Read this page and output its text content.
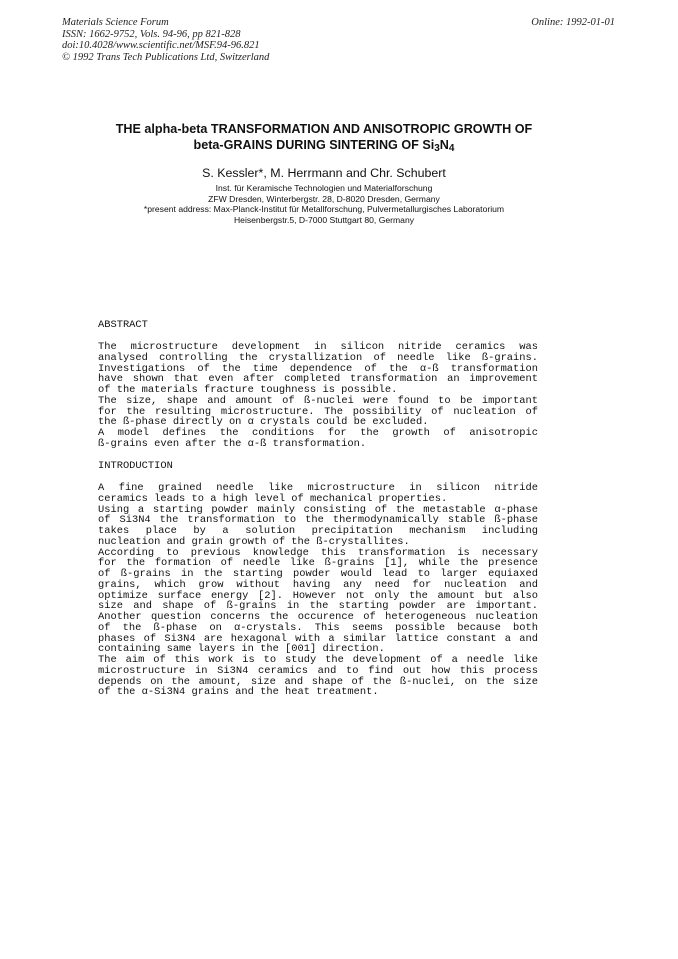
Materials Science Forum
ISSN: 1662-9752, Vols. 94-96, pp 821-828
doi:10.4028/www.scientific.net/MSF.94-96.821
© 1992 Trans Tech Publications Ltd, Switzerland
Online: 1992-01-01
THE alpha-beta TRANSFORMATION AND ANISOTROPIC GROWTH OF
beta-GRAINS DURING SINTERING OF $Si_3N_4$
S. Kessler*, M. Herrmann and Chr. Schubert
Inst. für Keramische Technologien und Materialforschung
ZFW Dresden, Winterbergstr. 28, D-8020 Dresden, Germany
*present address: Max-Planck-Institut für Metallforschung, Pulvermetallurgisches Laboratorium
Heisenbergstr.5, D-7000 Stuttgart 80, Germany
ABSTRACT
The microstructure development in silicon nitride ceramics was
analysed controlling the crystallization of needle like ß-grains.
Investigations of the time dependence of the α-ß transformation
have shown that even after completed transformation an improvement
of the materials fracture toughness is possible.
The size, shape and amount of ß-nuclei were found to be important
for the resulting microstructure. The possibility of nucleation of
the ß-phase directly on α crystals could be excluded.
A model defines the conditions for the growth of anisotropic
ß-grains even after the α-ß transformation.
INTRODUCTION
A fine grained needle like microstructure in silicon nitride
ceramics leads to a high level of mechanical properties.
Using a starting powder mainly consisting of the metastable α-phase
of Si3N4 the transformation to the thermodynamically stable ß-phase
takes place by a solution precipitation mechanism including
nucleation and grain growth of the ß-crystallites.
According to previous knowledge this transformation is necessary
for the formation of needle like ß-grains [1], while the presence
of ß-grains in the starting powder would lead to larger equiaxed
grains, which grow without having any need for nucleation and
optimize surface energy [2]. However not only the amount but also
size and shape of ß-grains in the starting powder are important.
Another question concerns the occurence of heterogeneous nucleation
of the ß-phase on α-crystals. This seems possible because both
phases of Si3N4 are hexagonal with a similar lattice constant a and
containing same layers in the [001] direction.
The aim of this work is to study the development of a needle like
microstructure in Si3N4 ceramics and to find out how this process
depends on the amount, size and shape of the ß-nuclei, on the size
of the α-Si3N4 grains and the heat treatment.
